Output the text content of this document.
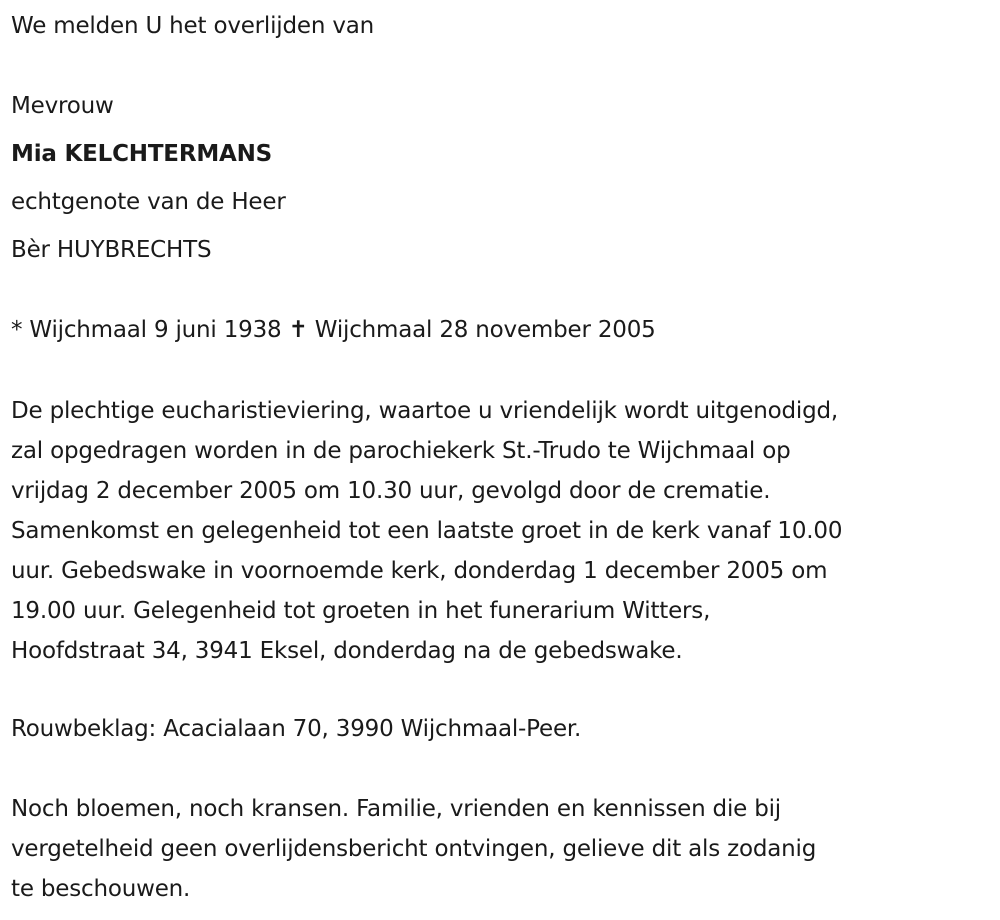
We melden U het overlijden van
Mevrouw
Mia KELCHTERMANS
echtgenote van de Heer
Bèr HUYBRECHTS
* Wijchmaal 9 juni 1938 ✝ Wijchmaal 28 november 2005
De plechtige eucharistieviering, waartoe u vriendelijk wordt uitgenodigd,
zal opgedragen worden in de parochiekerk St.-Trudo te Wijchmaal op
vrijdag 2 december 2005 om 10.30 uur, gevolgd door de crematie.
Samenkomst en gelegenheid tot een laatste groet in de kerk vanaf 10.00
uur. Gebedswake in voornoemde kerk, donderdag 1 december 2005 om
19.00 uur. Gelegenheid tot groeten in het funerarium Witters,
Hoofdstraat 34, 3941 Eksel, donderdag na de gebedswake.
Rouwbeklag: Acacialaan 70, 3990 Wijchmaal-Peer.
Noch bloemen, noch kransen. Familie, vrienden en kennissen die bij
vergetelheid geen overlijdensbericht ontvingen, gelieve dit als zodanig
te beschouwen.
